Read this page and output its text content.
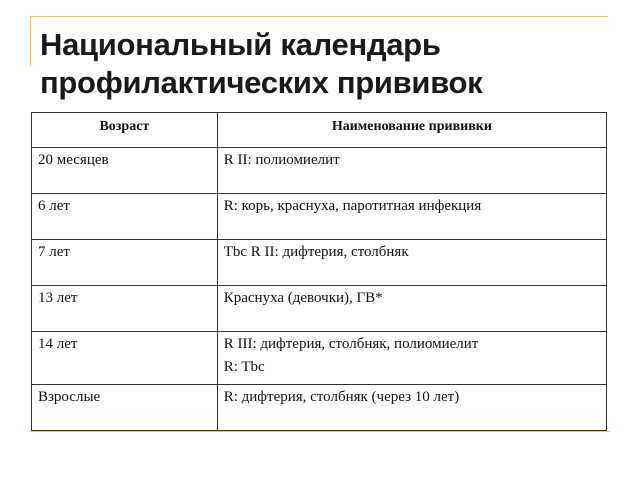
Национальный календарь
профилактических прививок
Возраст	Наименование прививки
20 месяцев	R II: полиомиелит
6 лет	R: корь, краснуха, паротитная инфекция
7 лет	Tbc R II: дифтерия, столбняк
13 лет	Краснуха (девочки), ГВ*
14 лет	R III: дифтерия, столбняк, полиомиелит
R: Tbc

Взрослые	R: дифтерия, столбняк (через 10 лет)
